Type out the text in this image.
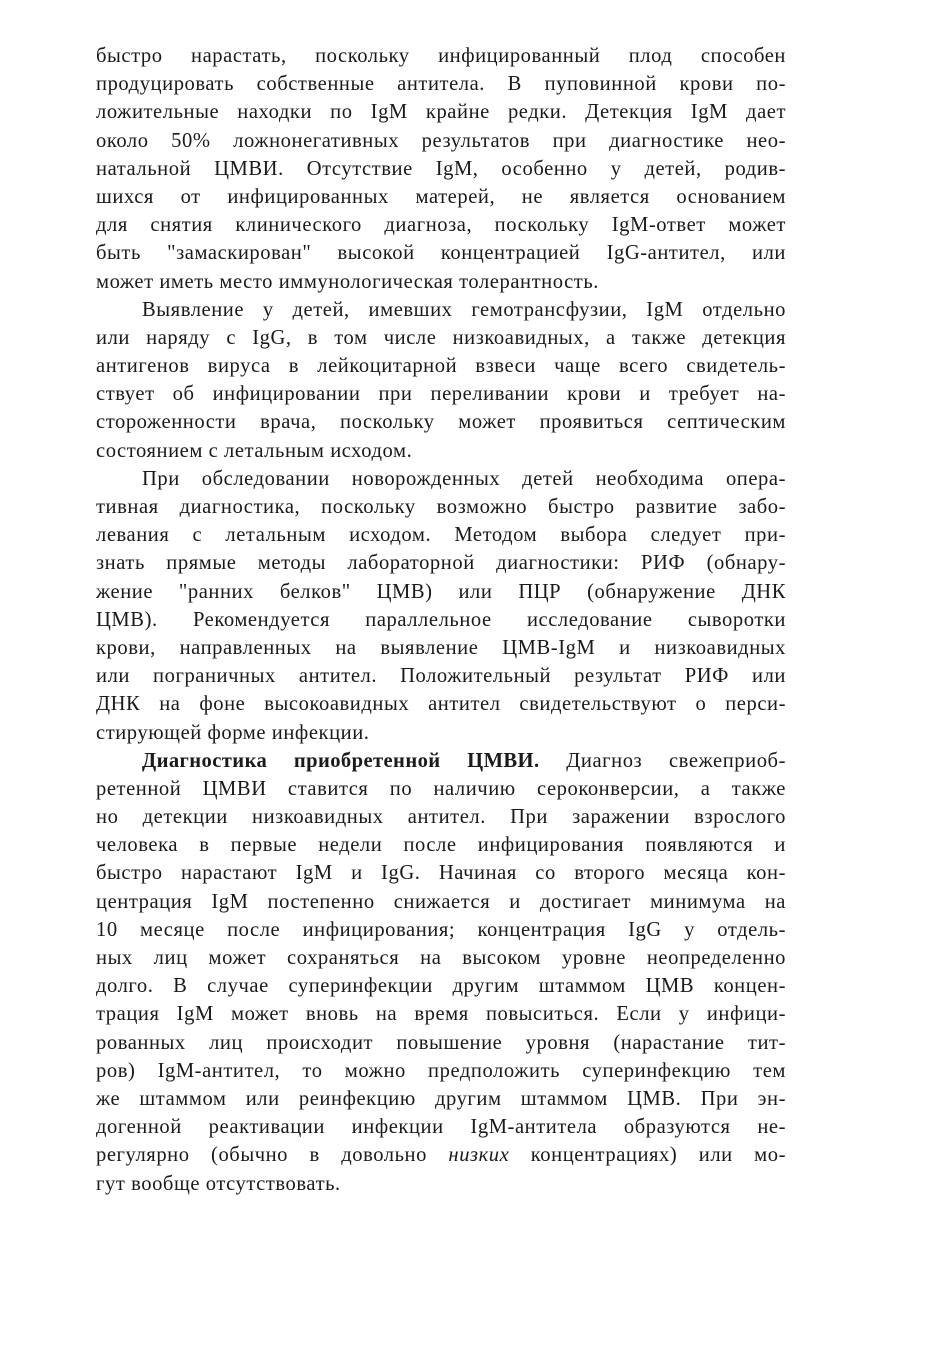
быстро нарастать, поскольку инфицированный плод способен
продуцировать собственные антитела. В пуповинной крови по-
ложительные находки по IgM крайне редки. Детекция IgM дает
около 50% ложнонегативных результатов при диагностике нео-
натальной ЦМВИ. Отсутствие IgM, особенно у детей, родив-
шихся от инфицированных матерей, не является основанием
для снятия клинического диагноза, поскольку IgM-ответ может
быть "замаскирован" высокой концентрацией IgG-антител, или
может иметь место иммунологическая толерантность.
Выявление у детей, имевших гемотрансфузии, IgM отдельно
или наряду с IgG, в том числе низкоавидных, а также детекция
антигенов вируса в лейкоцитарной взвеси чаще всего свидетель-
ствует об инфицировании при переливании крови и требует на-
стороженности врача, поскольку может проявиться септическим
состоянием с летальным исходом.
При обследовании новорожденных детей необходима опера-
тивная диагностика, поскольку возможно быстро развитие забо-
левания с летальным исходом. Методом выбора следует при-
знать прямые методы лабораторной диагностики: РИФ (обнару-
жение "ранних белков" ЦМВ) или ПЦР (обнаружение ДНК
ЦМВ). Рекомендуется параллельное исследование сыворотки
крови, направленных на выявление ЦМВ-IgM и низкоавидных
или пограничных антител. Положительный результат РИФ или
ДНК на фоне высокоавидных антител свидетельствуют о перси-
стирующей форме инфекции.
Диагностика приобретенной ЦМВИ. Диагноз свежеприоб-
ретенной ЦМВИ ставится по наличию сероконверсии, а также
но детекции низкоавидных антител. При заражении взрослого
человека в первые недели после инфицирования появляются и
быстро нарастают IgM и IgG. Начиная со второго месяца кон-
центрация IgM постепенно снижается и достигает минимума на
10 месяце после инфицирования; концентрация IgG у отдель-
ных лиц может сохраняться на высоком уровне неопределенно
долго. В случае суперинфекции другим штаммом ЦМВ концен-
трация IgM может вновь на время повыситься. Если у инфици-
рованных лиц происходит повышение уровня (нарастание тит-
ров) IgM-антител, то можно предположить суперинфекцию тем
же штаммом или реинфекцию другим штаммом ЦМВ. При эн-
догенной реактивации инфекции IgM-антитела образуются не-
регулярно (обычно в довольно низких концентрациях) или мо-
гут вообще отсутствовать.
